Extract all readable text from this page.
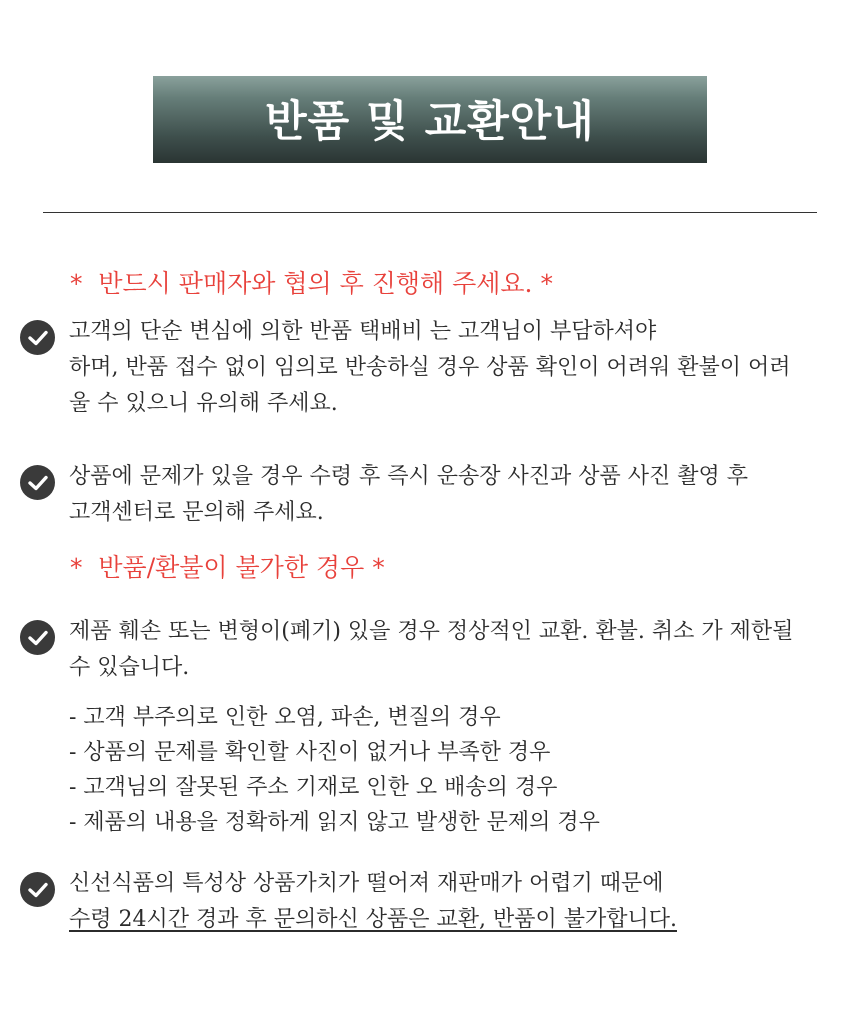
반품 및 교환안내
* 반드시 판매자와 협의 후 진행해 주세요. *
고객의 단순 변심에 의한 반품 택배비 는 고객님이 부담하셔야
하며, 반품 접수 없이 임의로 반송하실 경우 상품 확인이 어려워 환불이 어려
울 수 있으니 유의해 주세요.
상품에 문제가 있을 경우 수령 후 즉시 운송장 사진과 상품 사진 촬영 후
고객센터로 문의해 주세요.
* 반품/환불이 불가한 경우 *
제품 훼손 또는 변형이(폐기) 있을 경우 정상적인 교환. 환불. 취소 가 제한될
수 있습니다.
- 고객 부주의로 인한 오염, 파손, 변질의 경우
- 상품의 문제를 확인할 사진이 없거나 부족한 경우
- 고객님의 잘못된 주소 기재로 인한 오 배송의 경우
- 제품의 내용을 정확하게 읽지 않고 발생한 문제의 경우
신선식품의 특성상 상품가치가 떨어져 재판매가 어렵기 때문에
수령 24시간 경과 후 문의하신 상품은 교환, 반품이 불가합니다.
